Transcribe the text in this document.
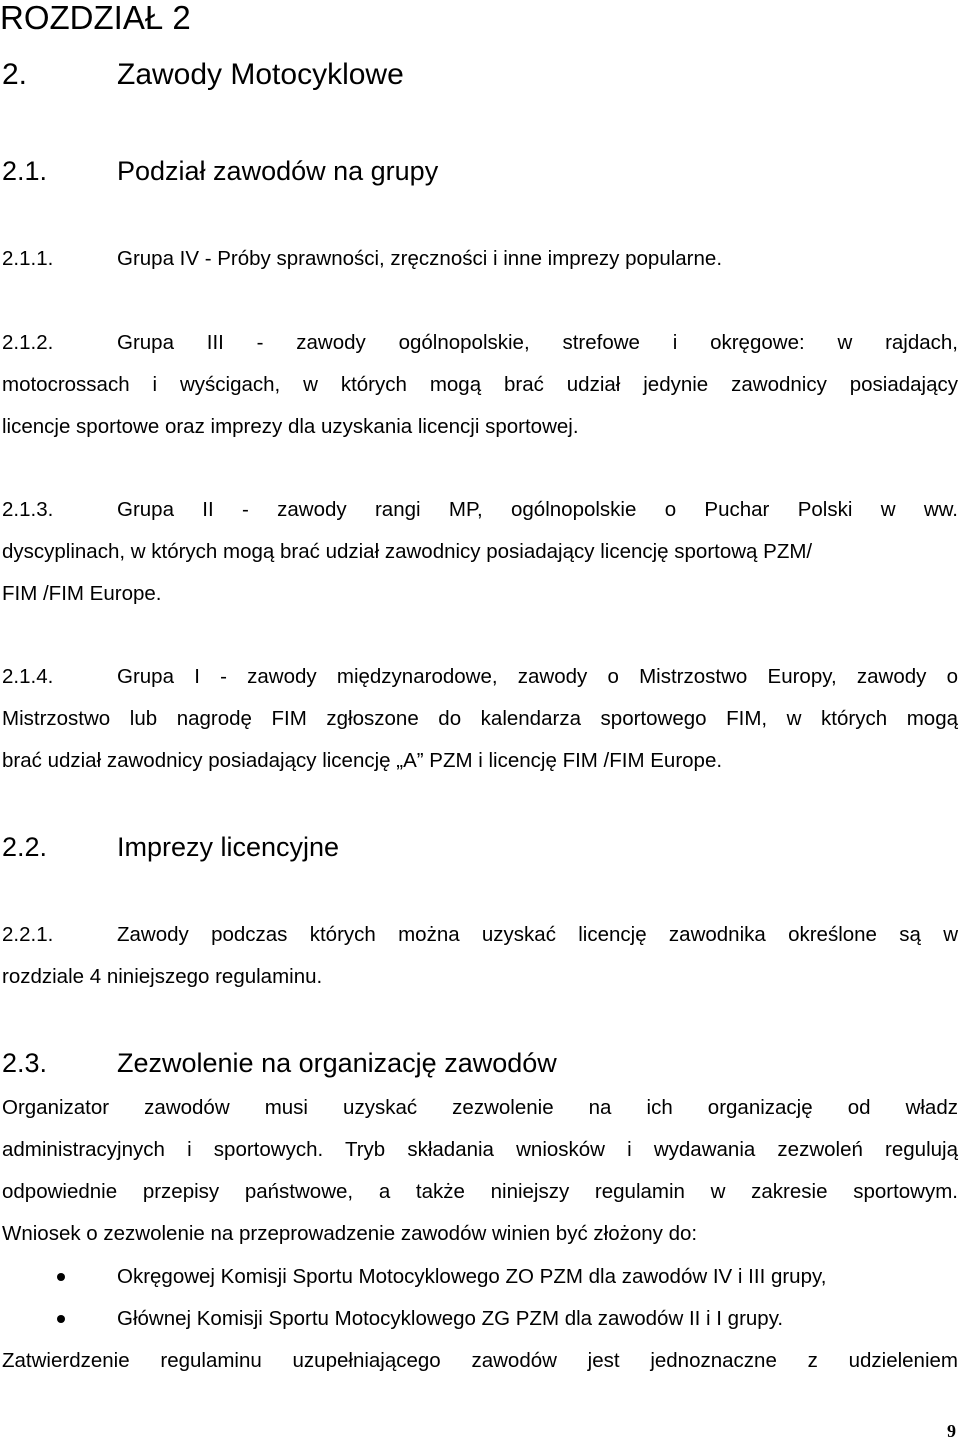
ROZDZIAŁ 2
2.	Zawody Motocyklowe
2.1.	Podział zawodów na grupy
2.1.1.	Grupa IV - Próby sprawności, zręczności i inne imprezy popularne.
2.1.2.	Grupa III - zawody ogólnopolskie, strefowe i okręgowe: w rajdach,
motocrossach i wyścigach, w których mogą brać udział jedynie zawodnicy posiadający
licencje sportowe oraz imprezy dla uzyskania licencji sportowej.
2.1.3.	Grupa II - zawody rangi MP, ogólnopolskie o Puchar Polski w ww.
dyscyplinach, w których mogą brać udział zawodnicy posiadający licencję sportową PZM/
FIM /FIM Europe.
2.1.4.	Grupa I - zawody międzynarodowe, zawody o Mistrzostwo Europy, zawody o
Mistrzostwo lub nagrodę FIM zgłoszone do kalendarza sportowego FIM, w których mogą
brać udział zawodnicy posiadający licencję „A” PZM i licencję FIM /FIM Europe.
2.2.	Imprezy licencyjne
2.2.1.	Zawody podczas których można uzyskać licencję zawodnika określone są w
rozdziale 4 niniejszego regulaminu.
2.3.	Zezwolenie na organizację zawodów
Organizator zawodów musi uzyskać zezwolenie na ich organizację od władz
administracyjnych i sportowych. Tryb składania wniosków i wydawania zezwoleń regulują
odpowiednie przepisy państwowe, a także niniejszy regulamin w zakresie sportowym.
Wniosek o zezwolenie na przeprowadzenie zawodów winien być złożony do:
Okręgowej Komisji Sportu Motocyklowego ZO PZM dla zawodów IV i III grupy,
Głównej Komisji Sportu Motocyklowego ZG PZM dla zawodów II i I grupy.
Zatwierdzenie regulaminu uzupełniającego zawodów jest jednoznaczne z udzieleniem
9
